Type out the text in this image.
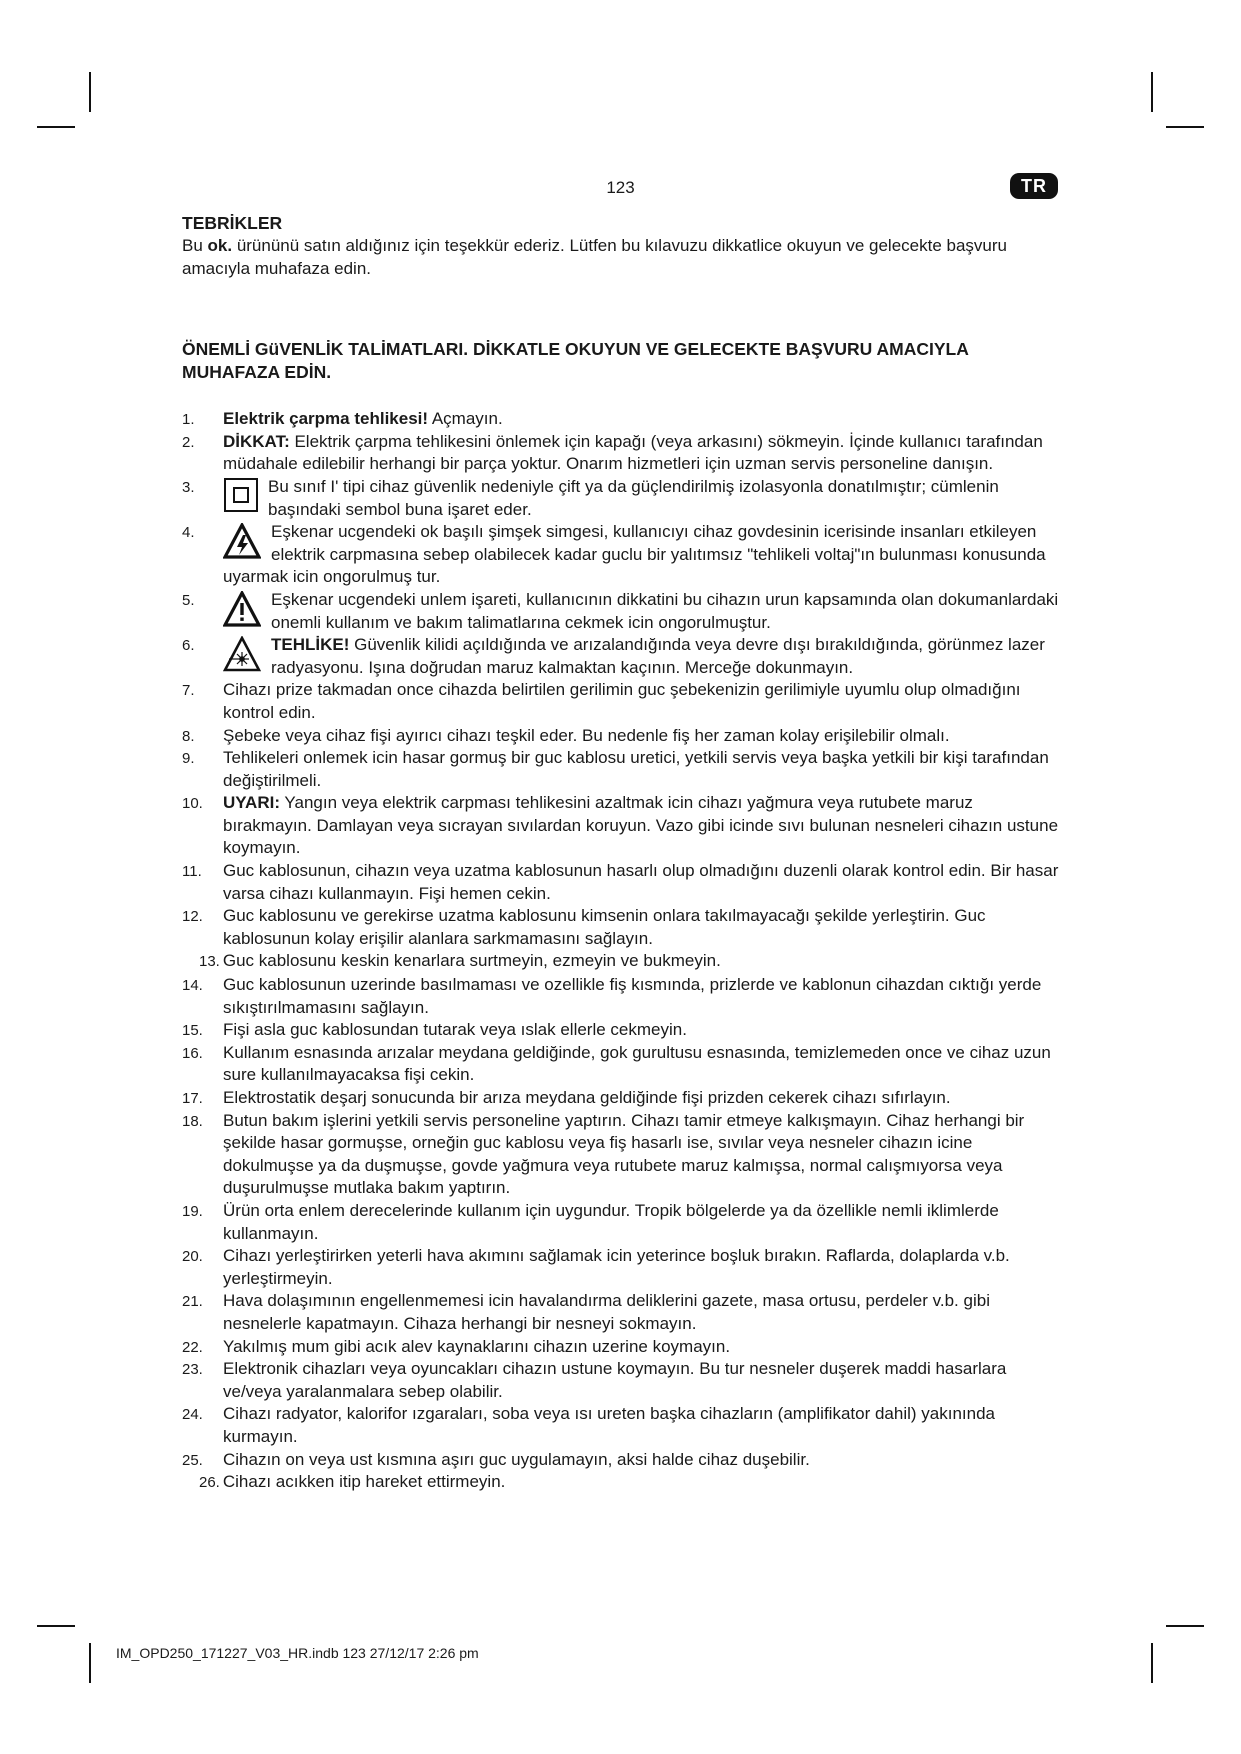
123	TR
TEBRİKLER

Bu ok. ürününü satın aldığınız için teşekkür ederiz. Lütfen bu kılavuzu dikkatlice okuyun ve gelecekte başvuru amacıyla muhafaza edin.

ÖNEMLİ GüVENLİK TALİMATLARI. DİKKATLE OKUYUN VE GELECEKTE BAŞVURU AMACIYLA MUHAFAZA EDİN.
1. Elektrik çarpma tehlikesi! Açmayın.
2. DİKKAT: Elektrik çarpma tehlikesini önlemek için kapağı (veya arkasını) sökmeyin. İçinde kullanıcı tarafından müdahale edilebilir herhangi bir parça yoktur. Onarım hizmetleri için uzman servis personeline danışın.
3.	Bu sınıf I' tipi cihaz güvenlik nedeniyle çift ya da güçlendirilmiş izolasyonla donatılmıştır; cümlenin başındaki sembol buna işaret eder.
4.	Eşkenar ucgendeki ok başılı şimşek simgesi, kullanıcıyı cihaz govdesinin icerisinde insanları etkileyen elektrik carpmasına sebep olabilecek kadar guclu bir yalıtımsız "tehlikeli voltaj"ın bulunması konusunda uyarmak icin ongorulmuş tur.
5.	Eşkenar ucgendeki unlem işareti, kullanıcının dikkatini bu cihazın urun kapsamında olan dokumanlardaki onemli kullanım ve bakım talimatlarına cekmek icin ongorulmuştur.
6.	TEHLİKE! Güvenlik kilidi açıldığında ve arızalandığında veya devre dışı bırakıldığında, görünmez lazer radyasyonu. Işına doğrudan maruz kalmaktan kaçının. Merceğe dokunmayın.
7. Cihazı prize takmadan once cihazda belirtilen gerilimin guc şebekenizin gerilimiyle uyumlu olup olmadığını kontrol edin.
8. Şebeke veya cihaz fişi ayırıcı cihazı teşkil eder. Bu nedenle fiş her zaman kolay erişilebilir olmalı.
9. Tehlikeleri onlemek icin hasar gormuş bir guc kablosu uretici, yetkili servis veya başka yetkili bir kişi tarafından değiştirilmeli.
10. UYARI: Yangın veya elektrik carpması tehlikesini azaltmak icin cihazı yağmura veya rutubete maruz bırakmayın. Damlayan veya sıcrayan sıvılardan koruyun. Vazo gibi icinde sıvı bulunan nesneleri cihazın ustune koymayın.
11. Guc kablosunun, cihazın veya uzatma kablosunun hasarlı olup olmadığını duzenli olarak kontrol edin. Bir hasar varsa cihazı kullanmayın. Fişi hemen cekin.
12. Guc kablosunu ve gerekirse uzatma kablosunu kimsenin onlara takılmayacağı şekilde yerleştirin. Guc kablosunun kolay erişilir alanlara sarkmamasını sağlayın.
13. Guc kablosunu keskin kenarlara surtmeyin, ezmeyin ve bukmeyin.
14. Guc kablosunun uzerinde basılmaması ve ozellikle fiş kısmında, prizlerde ve kablonun cihazdan cıktığı yerde sıkıştırılmamasını sağlayın.
15. Fişi asla guc kablosundan tutarak veya ıslak ellerle cekmeyin.
16. Kullanım esnasında arızalar meydana geldiğinde, gok gurultusu esnasında, temizlemeden once ve cihaz uzun sure kullanılmayacaksa fişi cekin.
17. Elektrostatik deşarj sonucunda bir arıza meydana geldiğinde fişi prizden cekerek cihazı sıfırlayın.
18. Butun bakım işlerini yetkili servis personeline yaptırın. Cihazı tamir etmeye kalkışmayın. Cihaz herhangi bir şekilde hasar gormuşse, orneğin guc kablosu veya fiş hasarlı ise, sıvılar veya nesneler cihazın icine dokulmuşse ya da duşmuşse, govde yağmura veya rutubete maruz kalmışsa, normal calışmıyorsa veya duşurulmuşse mutlaka bakım yaptırın.
19. Ürün orta enlem derecelerinde kullanım için uygundur. Tropik bölgelerde ya da özellikle nemli iklimlerde kullanmayın.
20. Cihazı yerleştirirken yeterli hava akımını sağlamak icin yeterince boşluk bırakın. Raflarda, dolaplarda v.b. yerleştirmeyin.
21. Hava dolaşımının engellenmemesi icin havalandırma deliklerini gazete, masa ortusu, perdeler v.b. gibi nesnelerle kapatmayın. Cihaza herhangi bir nesneyi sokmayın.
22. Yakılmış mum gibi acık alev kaynaklarını cihazın uzerine koymayın.
23. Elektronik cihazları veya oyuncakları cihazın ustune koymayın. Bu tur nesneler duşerek maddi hasarlara ve/veya yaralanmalara sebep olabilir.
24. Cihazı radyator, kalorifor ızgaraları, soba veya ısı ureten başka cihazların (amplifikator dahil) yakınında kurmayın.
25. Cihazın on veya ust kısmına aşırı guc uygulamayın, aksi halde cihaz duşebilir.
26. Cihazı acıkken itip hareket ettirmeyin.
IM_OPD250_171227_V03_HR.indb 123 27/12/17 2:26 pm
